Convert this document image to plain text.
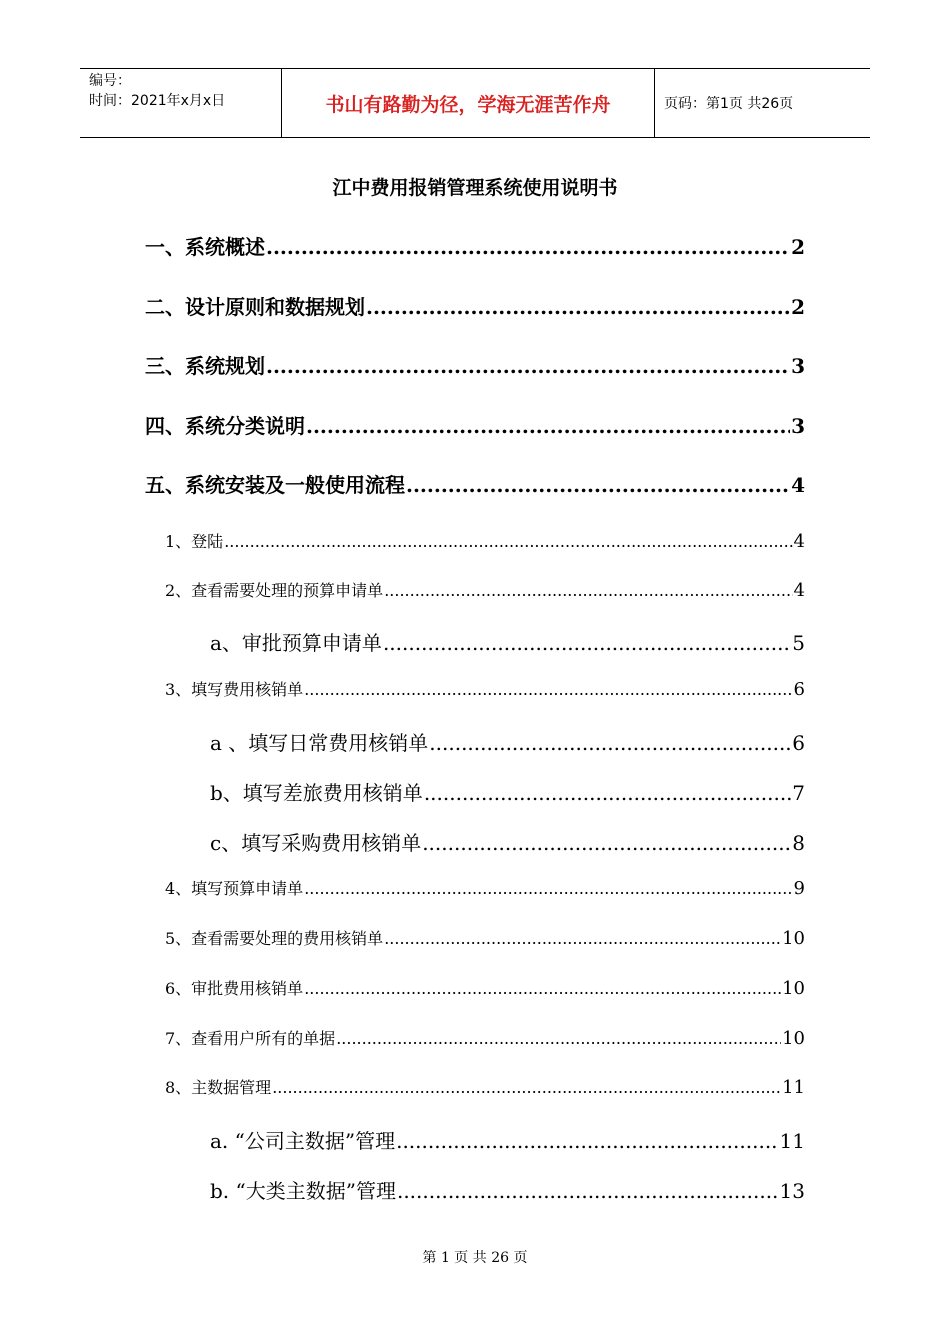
编号：
时间：2021年x月x日	书山有路勤为径，学海无涯苦作舟	页码：第1页 共26页
江中费用报销管理系统使用说明书
一、系统概述 .....	2
二、设计原则和数据规划 .....	2
三、系统规划 .....	3
四、系统分类说明 .....	3
五、系统安装及一般使用流程 .....	4
1、登陆 .....	4
2、查看需要处理的预算申请单 .....	4
a、审批预算申请单 .....	5
3、填写费用核销单 .....	6
a 、填写日常费用核销单 .....	6
b、填写差旅费用核销单 .....	7
c、填写采购费用核销单 .....	8
4、填写预算申请单 .....	9
5、查看需要处理的费用核销单 .....	10
6、审批费用核销单 .....	10
7、查看用户所有的单据 .....	10
8、主数据管理 .....	11
a. “公司主数据”管理 .....	11
b. “大类主数据”管理 .....	13
第 1 页 共 26 页
